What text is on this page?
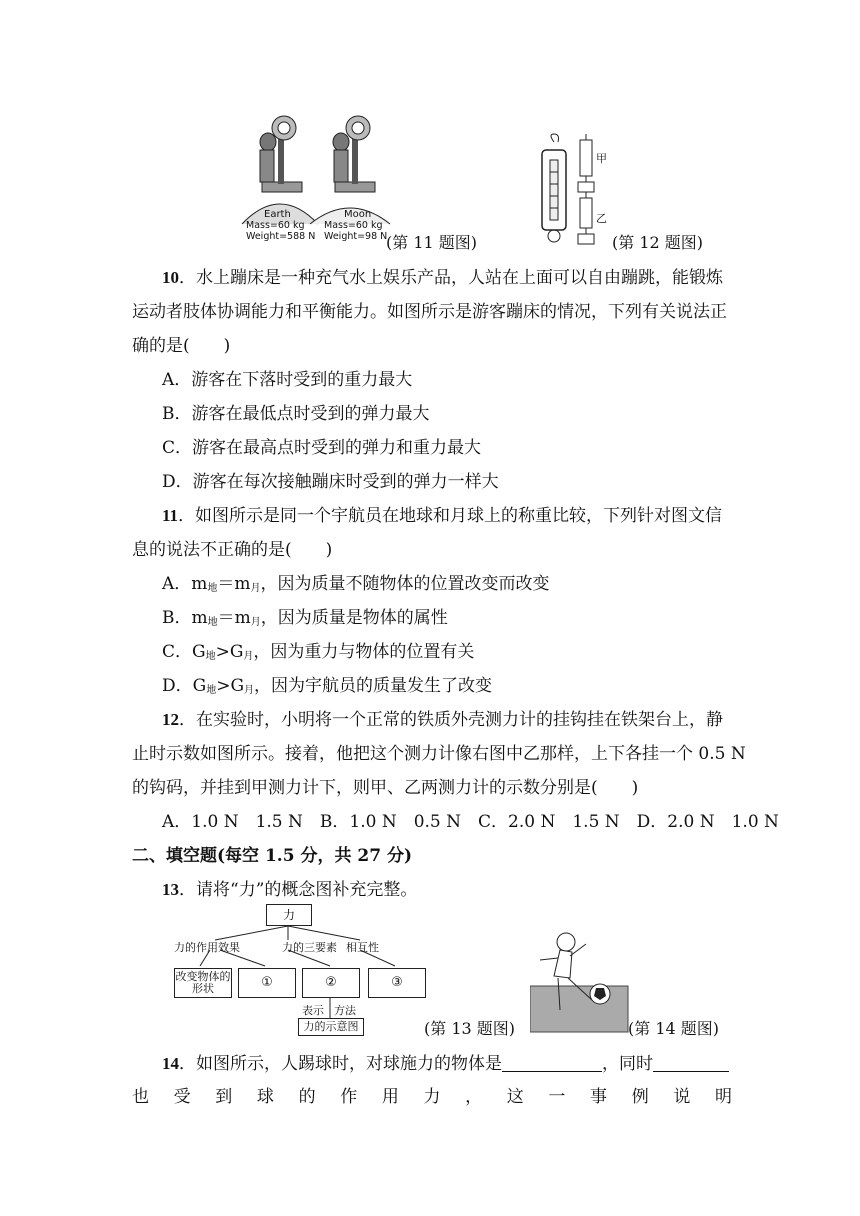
Earth
Mass=60 kg
Weight=588 N
Moon
Mass=60 kg
Weight=98 N
(第 11 题图)
甲
乙
(第 12 题图)
10．水上蹦床是一种充气水上娱乐产品，人站在上面可以自由蹦跳，能锻炼
运动者肢体协调能力和平衡能力。如图所示是游客蹦床的情况，下列有关说法正
确的是(　　)
A．游客在下落时受到的重力最大
B．游客在最低点时受到的弹力最大
C．游客在最高点时受到的弹力和重力最大
D．游客在每次接触蹦床时受到的弹力一样大
11．如图所示是同一个宇航员在地球和月球上的称重比较，下列针对图文信
息的说法不正确的是(　　)
A．$m_地=m_月$，因为质量不随物体的位置改变而改变
B．$m_地=m_月$，因为质量是物体的属性
C．$G_地>G_月$，因为重力与物体的位置有关
D．$G_地>G_月$，因为宇航员的质量发生了改变
12．在实验时，小明将一个正常的铁质外壳测力计的挂钩挂在铁架台上，静
止时示数如图所示。接着，他把这个测力计像右图中乙那样，上下各挂一个 0.5 N
的钩码，并挂到甲测力计下，则甲、乙两测力计的示数分别是(　　)
A．1.0 N　1.5 N　B．1.0 N　0.5 N　C．2.0 N　1.5 N　D．2.0 N　1.0 N
二、填空题(每空 1.5 分，共 27 分)
13．请将“力”的概念图补充完整。
力
力的作用效果	力的三要素 相互性
改变物体的形状	①	②	③
表示 方法
力的示意图	(第 13 题图)	(第 14 题图)
14．如图所示，人踢球时，对球施力的物体是	，同时
也 受 到 球 的 作 用 力 ， 这 一 事 例 说 明
